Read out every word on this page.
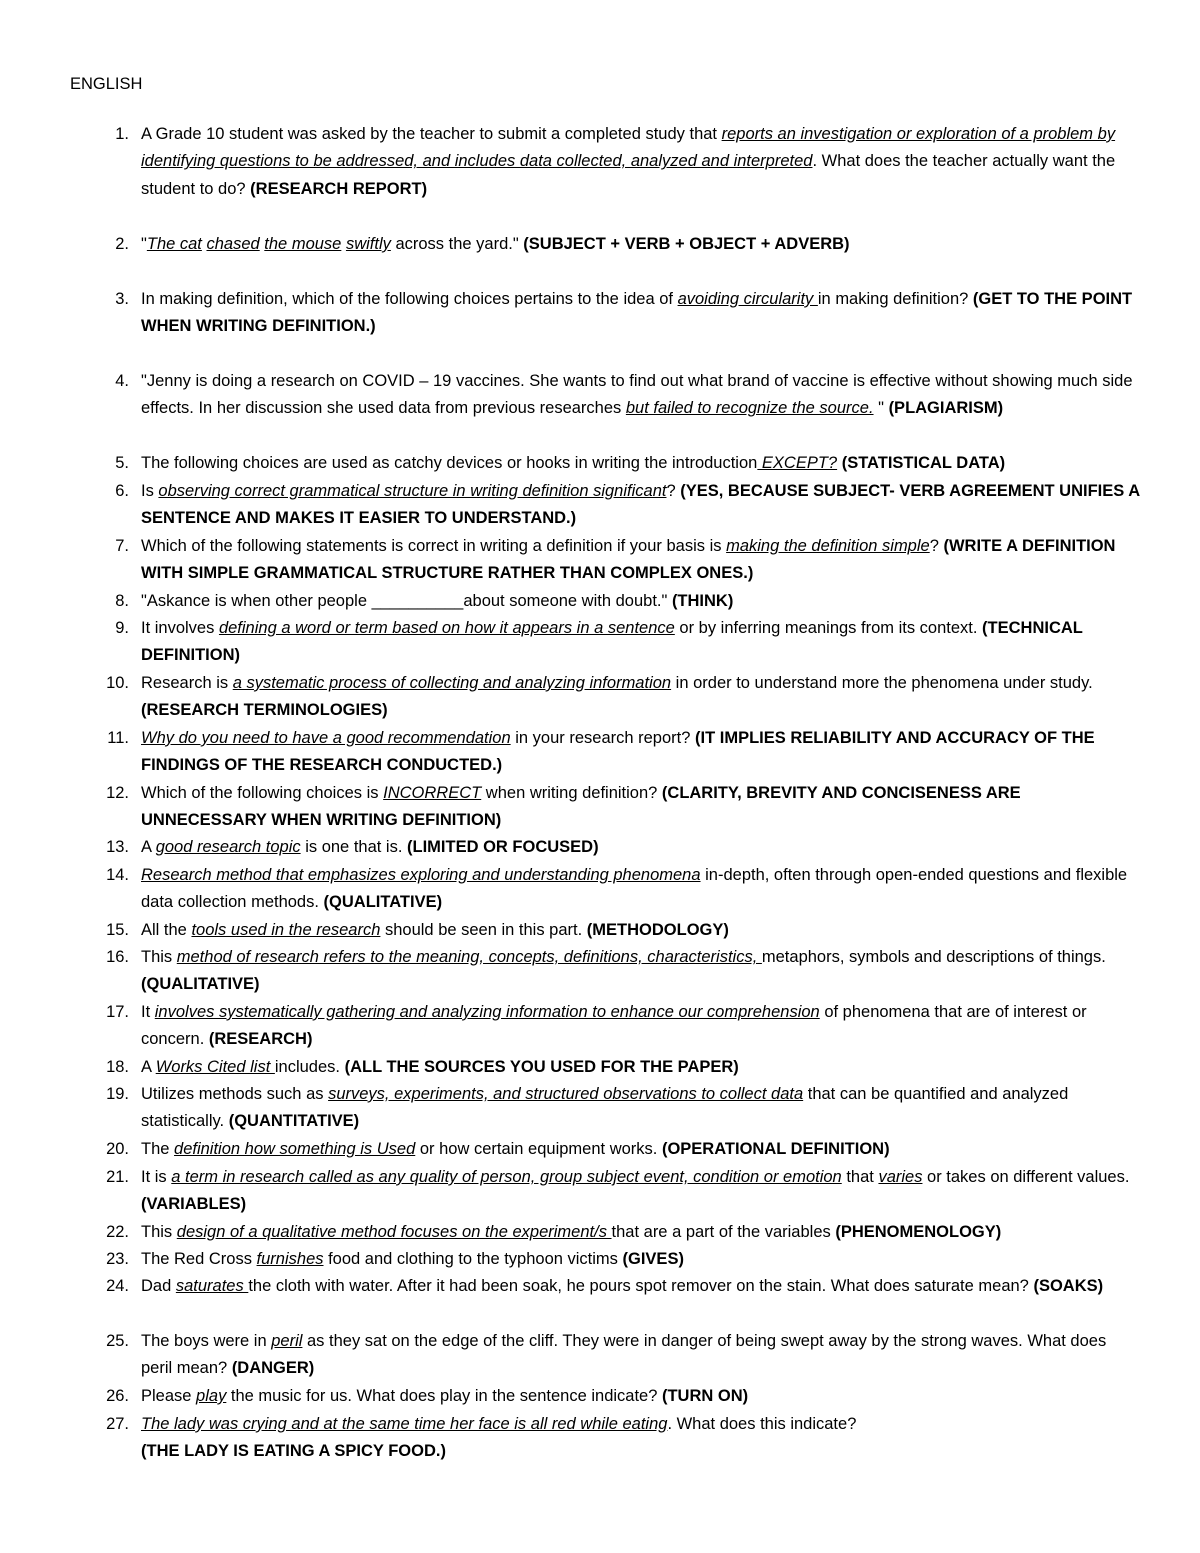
ENGLISH
1. A Grade 10 student was asked by the teacher to submit a completed study that reports an investigation or exploration of a problem by identifying questions to be addressed, and includes data collected, analyzed and interpreted. What does the teacher actually want the student to do? (RESEARCH REPORT)
2. "The cat chased the mouse swiftly across the yard." (SUBJECT + VERB + OBJECT + ADVERB)
3. In making definition, which of the following choices pertains to the idea of avoiding circularity in making definition? (GET TO THE POINT WHEN WRITING DEFINITION.)
4. "Jenny is doing a research on COVID – 19 vaccines. She wants to find out what brand of vaccine is effective without showing much side effects. In her discussion she used data from previous researches but failed to recognize the source. " (PLAGIARISM)
5. The following choices are used as catchy devices or hooks in writing the introduction EXCEPT? (STATISTICAL DATA)
6. Is observing correct grammatical structure in writing definition significant? (YES, BECAUSE SUBJECT- VERB AGREEMENT UNIFIES A SENTENCE AND MAKES IT EASIER TO UNDERSTAND.)
7. Which of the following statements is correct in writing a definition if your basis is making the definition simple? (WRITE A DEFINITION WITH SIMPLE GRAMMATICAL STRUCTURE RATHER THAN COMPLEX ONES.)
8. "Askance is when other people __________about someone with doubt." (THINK)
9. It involves defining a word or term based on how it appears in a sentence or by inferring meanings from its context. (TECHNICAL DEFINITION)
10. Research is a systematic process of collecting and analyzing information in order to understand more the phenomena under study. (RESEARCH TERMINOLOGIES)
11. Why do you need to have a good recommendation in your research report? (IT IMPLIES RELIABILITY AND ACCURACY OF THE FINDINGS OF THE RESEARCH CONDUCTED.)
12. Which of the following choices is INCORRECT when writing definition? (CLARITY, BREVITY AND CONCISENESS ARE UNNECESSARY WHEN WRITING DEFINITION)
13. A good research topic is one that is. (LIMITED OR FOCUSED)
14. Research method that emphasizes exploring and understanding phenomena in-depth, often through open-ended questions and flexible data collection methods. (QUALITATIVE)
15. All the tools used in the research should be seen in this part. (METHODOLOGY)
16. This method of research refers to the meaning, concepts, definitions, characteristics, metaphors, symbols and descriptions of things. (QUALITATIVE)
17. It involves systematically gathering and analyzing information to enhance our comprehension of phenomena that are of interest or concern. (RESEARCH)
18. A Works Cited list includes. (ALL THE SOURCES YOU USED FOR THE PAPER)
19. Utilizes methods such as surveys, experiments, and structured observations to collect data that can be quantified and analyzed statistically. (QUANTITATIVE)
20. The definition how something is Used or how certain equipment works. (OPERATIONAL DEFINITION)
21. It is a term in research called as any quality of person, group subject event, condition or emotion that varies or takes on different values. (VARIABLES)
22. This design of a qualitative method focuses on the experiment/s that are a part of the variables (PHENOMENOLOGY)
23. The Red Cross furnishes food and clothing to the typhoon victims (GIVES)
24. Dad saturates the cloth with water. After it had been soak, he pours spot remover on the stain. What does saturate mean? (SOAKS)
25. The boys were in peril as they sat on the edge of the cliff. They were in danger of being swept away by the strong waves. What does peril mean? (DANGER)
26. Please play the music for us. What does play in the sentence indicate? (TURN ON)
27. The lady was crying and at the same time her face is all red while eating. What does this indicate?
(THE LADY IS EATING A SPICY FOOD.)
